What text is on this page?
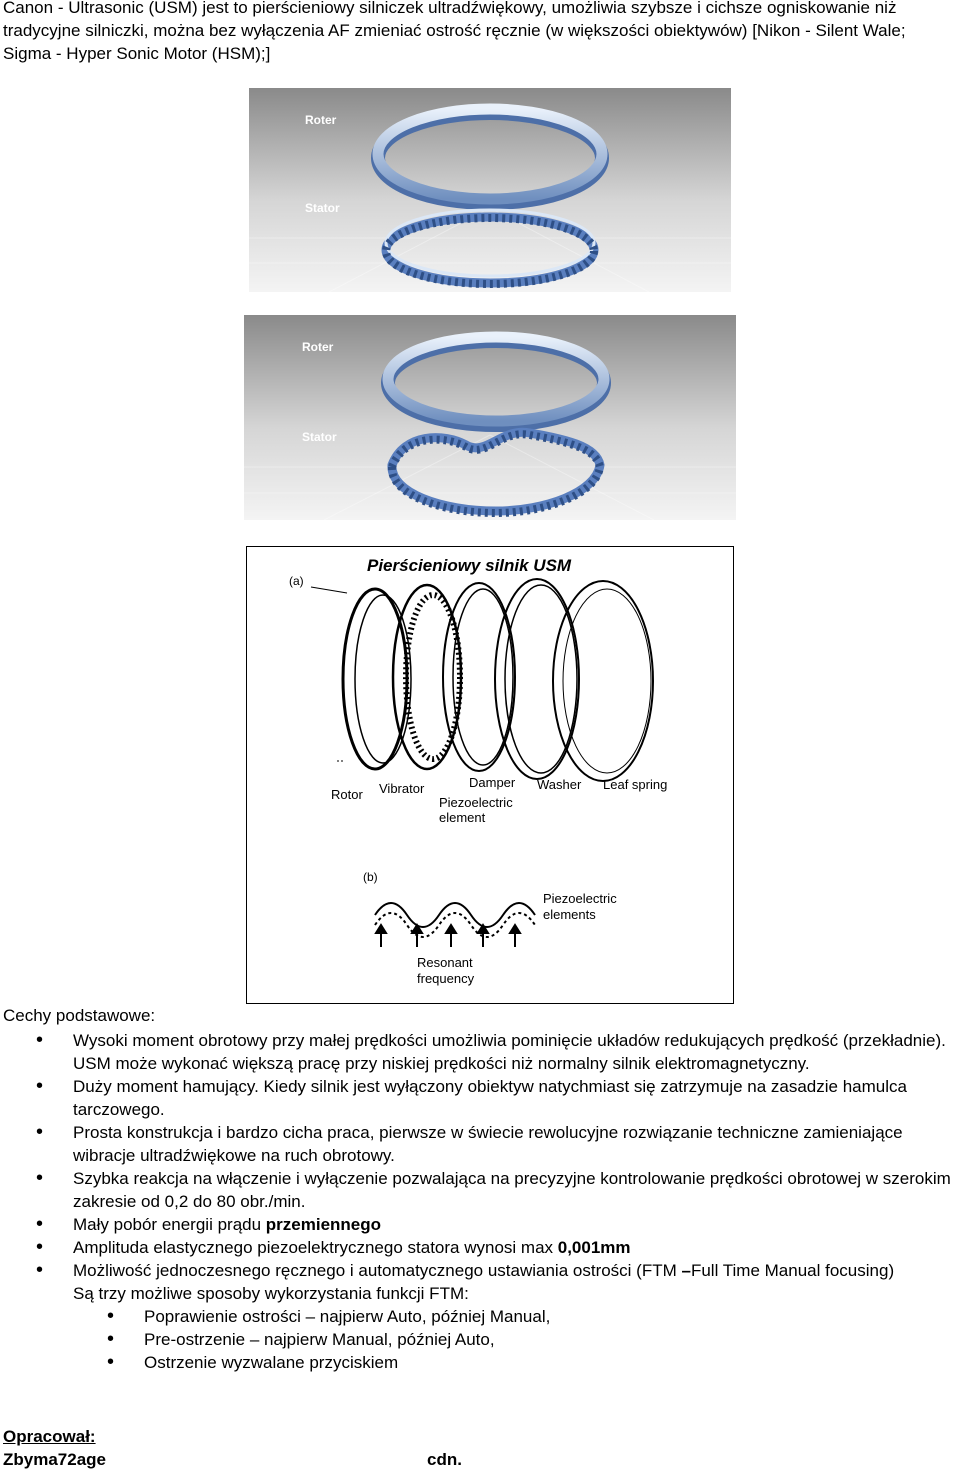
Canon - Ultrasonic (USM) jest to pierścieniowy silniczek ultradźwiękowy, umożliwia szybsze i cichsze ogniskowanie niż tradycyjne silniczki, można bez wyłączenia AF zmieniać ostrość ręcznie (w większości obiektywów) [Nikon - Silent Wale; Sigma - Hyper Sonic Motor (HSM);]

Roter
Stator
Roter
Stator
Pierścieniowy silnik USM
(a)
Rotor Vibrator
Piezoelectric
element
Damper Washer Leaf spring
(b)
Piezoelectric
elements
Resonant
frequency

Cechy podstawowe:

• Wysoki moment obrotowy przy małej prędkości umożliwia pominięcie układów redukujących prędkość (przekładnie). USM może wykonać większą pracę przy niskiej prędkości niż normalny silnik elektromagnetyczny.
• Duży moment hamujący. Kiedy silnik jest wyłączony obiektyw natychmiast się zatrzymuje na zasadzie hamulca tarczowego.
• Prosta konstrukcja i bardzo cicha praca, pierwsze w świecie rewolucyjne rozwiązanie techniczne zamieniające wibracje ultradźwiękowe na ruch obrotowy.
• Szybka reakcja na włączenie i wyłączenie pozwalająca na precyzyjne kontrolowanie prędkości obrotowej w szerokim zakresie od 0,2 do 80 obr./min.
• Mały pobór energii prądu przemiennego
• Amplituda elastycznego piezoelektrycznego statora wynosi max 0,001mm
• Możliwość jednoczesnego ręcznego i automatycznego ustawiania ostrości (FTM –Full Time Manual focusing)
Są trzy możliwe sposoby wykorzystania funkcji FTM:
• Poprawienie ostrości – najpierw Auto, później Manual,
• Pre-ostrzenie – najpierw Manual, później Auto,
• Ostrzenie wyzwalane przyciskiem
Opracował:
Zbyma72age	cdn.
